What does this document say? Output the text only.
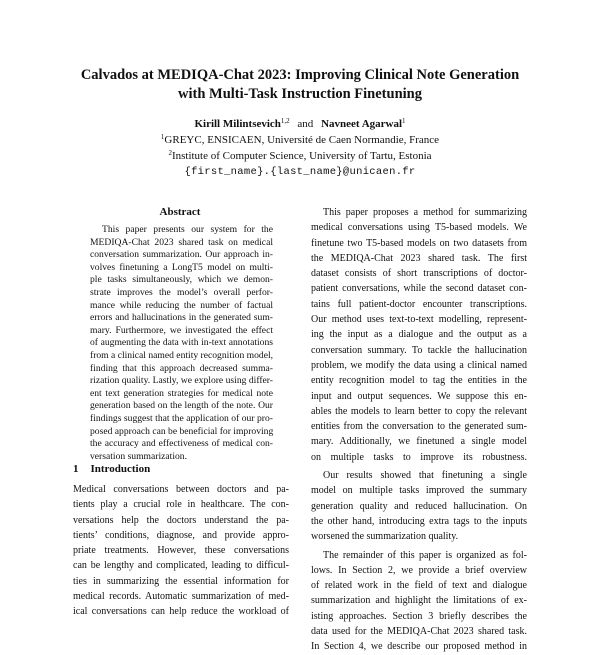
Calvados at MEDIQA-Chat 2023: Improving Clinical Note Generation
with Multi-Task Instruction Finetuning
Kirill Milintsevich$^{1,2}$ and Navneet Agarwal$^1$
$^1$GREYC, ENSICAEN, Université de Caen Normandie, France
$^2$Institute of Computer Science, University of Tartu, Estonia
{first_name}.{last_name}@unicaen.fr
Abstract
This paper presents our system for the
MEDIQA-Chat 2023 shared task on medical
conversation summarization. Our approach in-
volves finetuning a LongT5 model on multi-
ple tasks simultaneously, which we demon-
strate improves the model’s overall perfor-
mance while reducing the number of factual
errors and hallucinations in the generated sum-
mary. Furthermore, we investigated the effect
of augmenting the data with in-text annotations
from a clinical named entity recognition model,
finding that this approach decreased summa-
rization quality. Lastly, we explore using differ-
ent text generation strategies for medical note
generation based on the length of the note. Our
findings suggest that the application of our pro-
posed approach can be beneficial for improving
the accuracy and effectiveness of medical con-
versation summarization.
1 Introduction
Medical conversations between doctors and pa-
tients play a crucial role in healthcare. The con-
versations help the doctors understand the pa-
tients’ conditions, diagnose, and provide appro-
priate treatments. However, these conversations
can be lengthy and complicated, leading to difficul-
ties in summarizing the essential information for
medical records. Automatic summarization of med-
ical conversations can help reduce the workload of
This paper proposes a method for summarizing
medical conversations using T5-based models. We
finetune two T5-based models on two datasets from
the MEDIQA-Chat 2023 shared task. The first
dataset consists of short transcriptions of doctor-
patient conversations, while the second dataset con-
tains full patient-doctor encounter transcriptions.
Our method uses text-to-text modelling, represent-
ing the input as a dialogue and the output as a
conversation summary. To tackle the hallucination
problem, we modify the data using a clinical named
entity recognition model to tag the entities in the
input and output sequences. We suppose this en-
ables the models to learn better to copy the relevant
entities from the conversation to the generated sum-
mary. Additionally, we finetuned a single model
on multiple tasks to improve its robustness.
Our results showed that finetuning a single
model on multiple tasks improved the summary
generation quality and reduced hallucination. On
the other hand, introducing extra tags to the inputs
worsened the summarization quality.
The remainder of this paper is organized as fol-
lows. In Section 2, we provide a brief overview
of related work in the field of text and dialogue
summarization and highlight the limitations of ex-
isting approaches. Section 3 briefly describes the
data used for the MEDIQA-Chat 2023 shared task.
In Section 4, we describe our proposed method in
